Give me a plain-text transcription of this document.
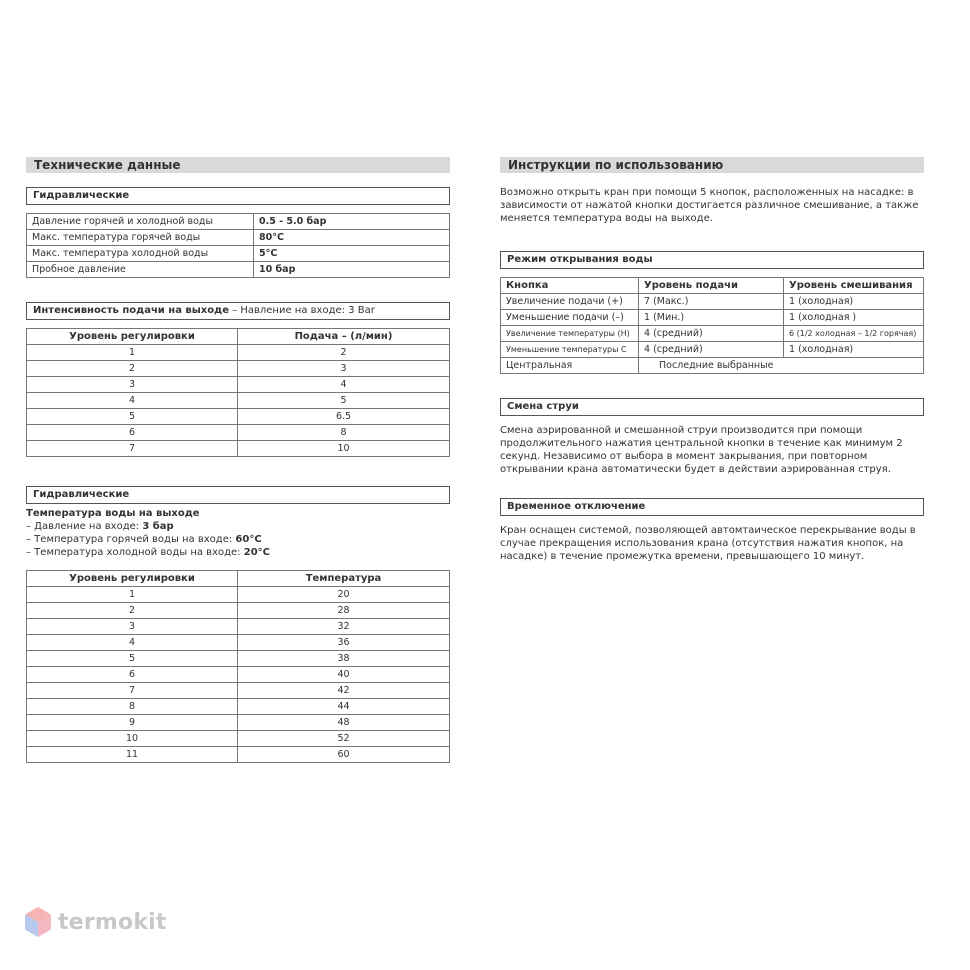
Технические данные
Гидравлические
Давление горячей и холодной воды	0.5 - 5.0 бар
Макс. температура горячей воды	80°C
Макс. температура холодной воды	5°C
Пробное давление	10 бар
Интенсивность подачи на выходе – Навление на входе: 3 Bar
Уровень регулировки	Подача – (л/мин)
1	2
2	3
3	4
4	5
5	6.5
6	8
7	10
Гидравлические
Температура воды на выходе
– Давление на входе: 3 бар
– Температура горячей воды на входе: 60°C
– Температура холодной воды на входе: 20°C
Уровень регулировки	Температура
1	20
2	28
3	32
4	36
5	38
6	40
7	42
8	44
9	48
10	52
11	60
Инструкции по использованию
Возможно открыть кран при помощи 5 кнопок, расположенных на насадке: в
зависимости от нажатой кнопки достигается различное смешивание, а также
меняется температура воды на выходе.
Режим открывания воды
Кнопка	Уровень подачи	Уровень смешивания
Увеличение подачи (+)	7 (Макс.)	1 (холодная)
Уменьшение подачи (–)	1 (Мин.)	1 (холодная )
Увеличение температуры (H)	4 (средний)	6 (1/2 холодная – 1/2 горячая)
Уменьшение температуры C	4 (средний)	1 (холодная)
Центральная	Последние выбранные	
Смена струи
Смена аэрированной и смешанной струи производится при помощи
продолжительного нажатия центральной кнопки в течение как минимум 2
секунд. Независимо от выбора в момент закрывания, при повторном
открывании крана автоматически будет в действии аэрированная струя.
Временное отключение
Кран оснащен системой, позволяющей автомтаическое перекрывание воды в
случае прекращения использования крана (отсутствия нажатия кнопок, на
насадке) в течение промежутка времени, превышающего 10 минут.
termokit
